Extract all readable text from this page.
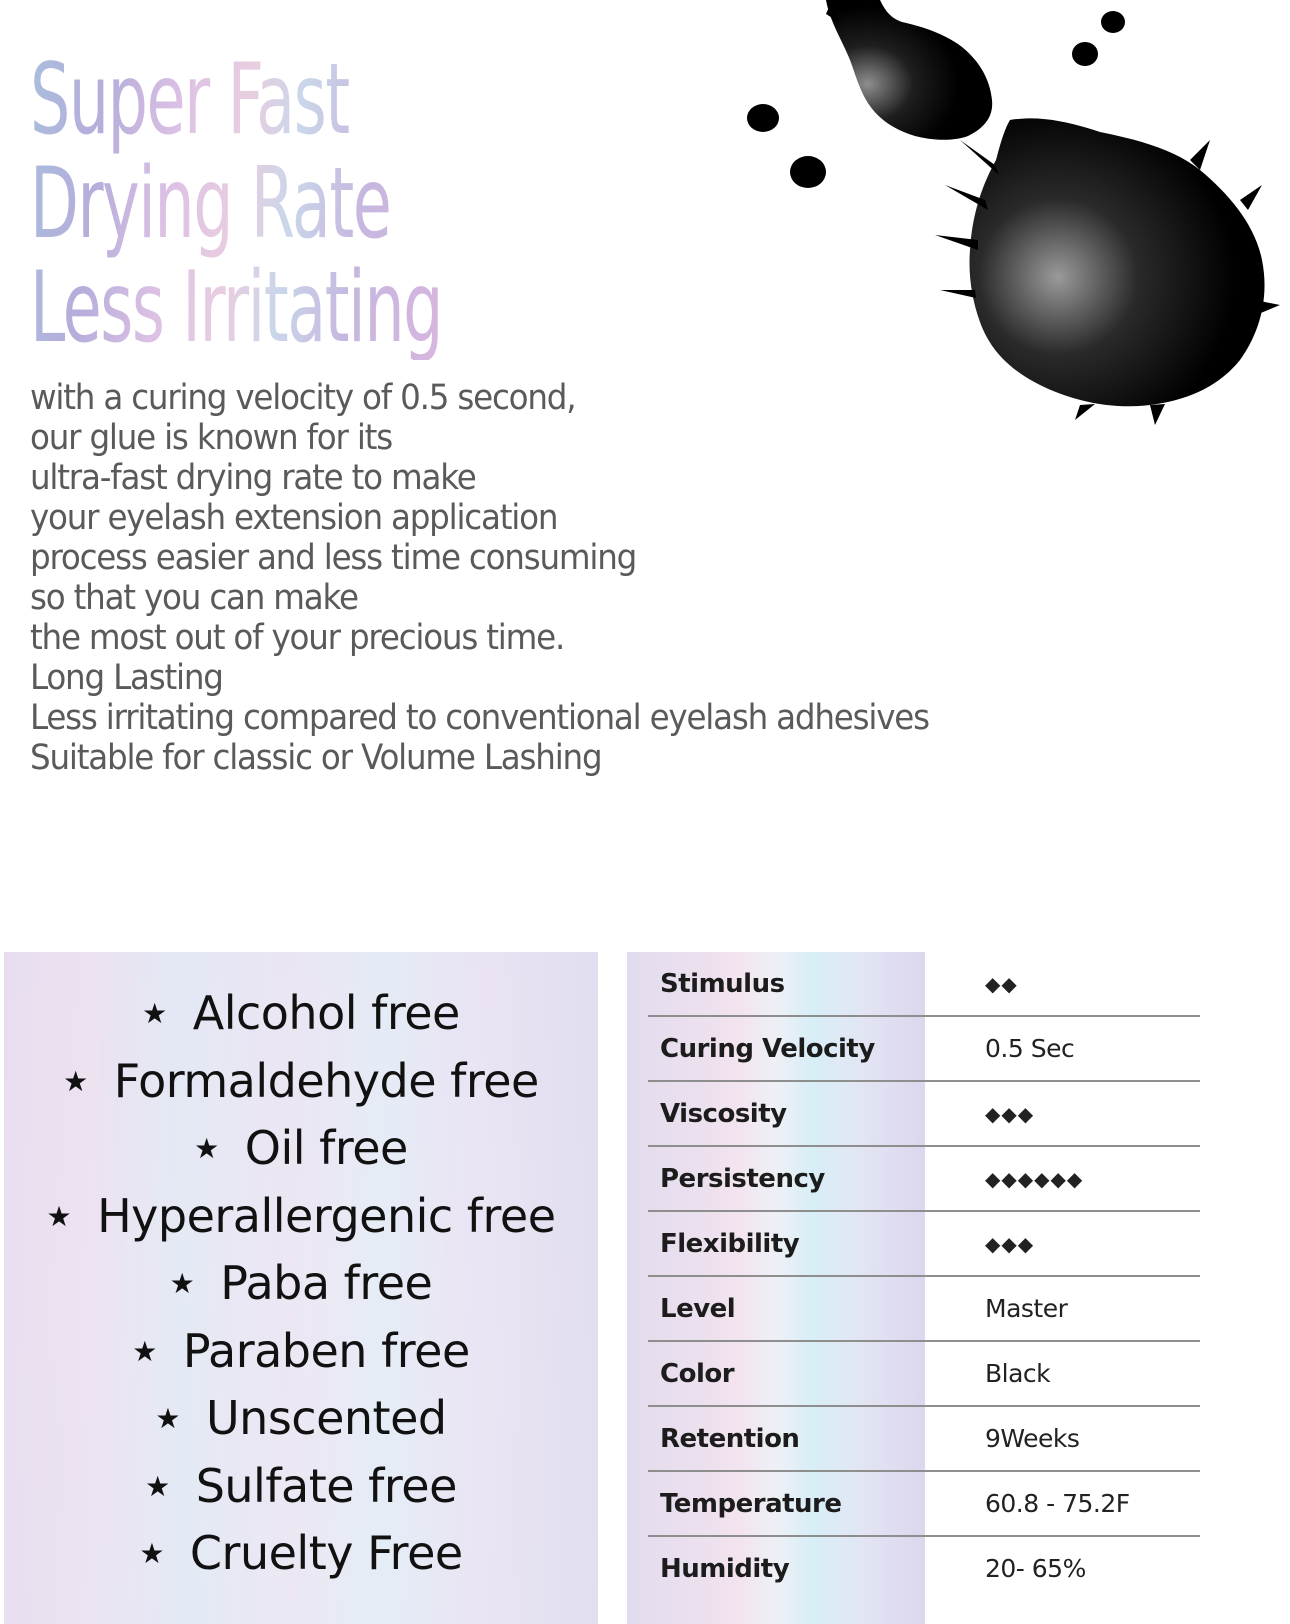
Super Fast
Drying Rate
Less Irritating
with a curing velocity of 0.5 second,
our glue is known for its
ultra-fast drying rate to make
your eyelash extension application
process easier and less time consuming
so that you can make
the most out of your precious time.
Long Lasting
Less irritating compared to conventional eyelash adhesives
Suitable for classic or Volume Lashing
★ Alcohol free
★ Formaldehyde free
★ Oil free
★ Hyperallergenic free
★ Paba free
★ Paraben free
★ Unscented
★ Sulfate free
★ Cruelty Free
Stimulus	◆◆
Curing Velocity	0.5 Sec
Viscosity	◆◆◆
Persistency	◆◆◆◆◆◆
Flexibility	◆◆◆
Level	Master
Color	Black
Retention	9Weeks
Temperature	60.8 - 75.2F
Humidity	20- 65%
